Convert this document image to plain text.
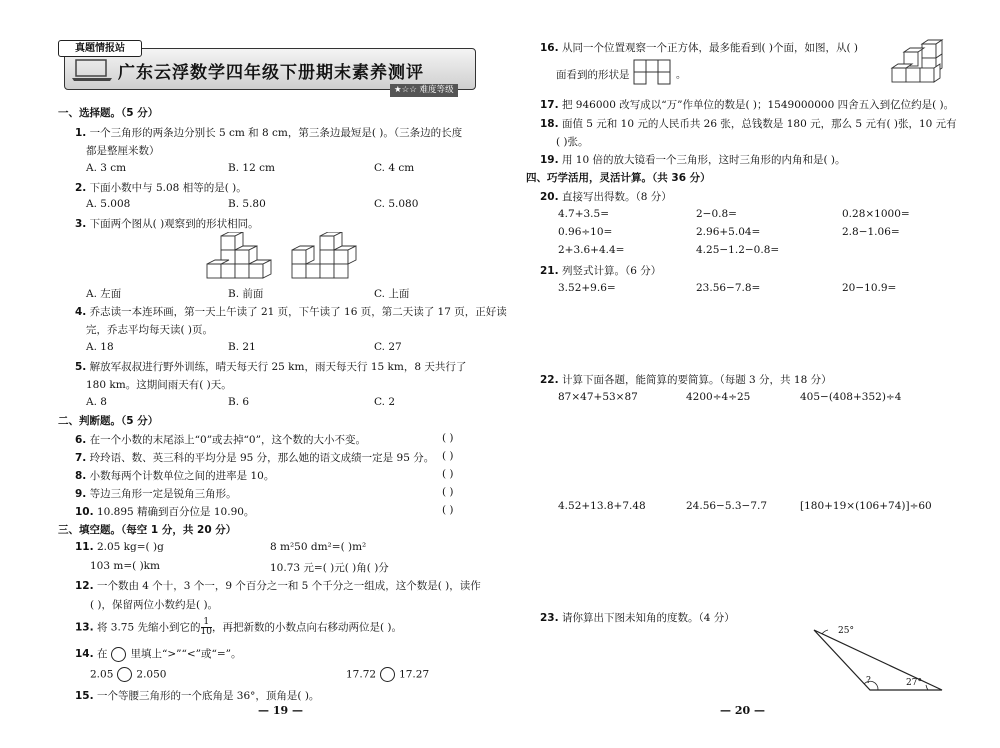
真题情报站
广东云浮数学四年级下册期末素养测评
★☆☆ 难度等级
一、选择题。（5 分）
1. 一个三角形的两条边分别长 5 cm 和 8 cm，第三条边最短是( )。（三条边的长度
都是整厘米数）
A. 3 cm	B. 12 cm	C. 4 cm
2. 下面小数中与 5.08 相等的是( )。
A. 5.008	B. 5.80	C. 5.080
3. 下面两个图从( )观察到的形状相同。
A. 左面	B. 前面	C. 上面
4. 乔志读一本连环画，第一天上午读了 21 页，下午读了 16 页，第二天读了 17 页，正好读
完，乔志平均每天读( )页。
A. 18	B. 21	C. 27
5. 解放军叔叔进行野外训练，晴天每天行 25 km，雨天每天行 15 km，8 天共行了
180 km。这期间雨天有( )天。
A. 8	B. 6	C. 2
二、判断题。（5 分）
6. 在一个小数的末尾添上“0”或去掉“0”，这个数的大小不变。	( )
7. 玲玲语、数、英三科的平均分是 95 分，那么她的语文成绩一定是 95 分。 ( )
8. 小数每两个计数单位之间的进率是 10。	( )
9. 等边三角形一定是锐角三角形。	( )
10. 10.895 精确到百分位是 10.90。	( )
三、填空题。（每空 1 分，共 20 分）
11. 2.05 kg=( )g	8 m²50 dm²=( )m²
103 m=( )km	10.73 元=( )元( )角( )分
12. 一个数由 4 个十，3 个一，9 个百分之一和 5 个千分之一组成，这个数是( )，读作
( )，保留两位小数约是( )。
13. 将 3.75 先缩小到它的 $\frac{1}{10}$ ，再把新数的小数点向右移动两位是( )。
14. 在 里填上“>”“<”或“=”。
2.05 2.050	17.72 17.27
15. 一个等腰三角形的一个底角是 36°，顶角是( )。
— 19 —
16. 从同一个位置观察一个正方体，最多能看到( )个面，如图，从( )
面看到的形状是	。
17. 把 946000 改写成以“万”作单位的数是( )；1549000000 四舍五入到亿位约是( )。
18. 面值 5 元和 10 元的人民币共 26 张，总钱数是 180 元，那么 5 元有( )张，10 元有
( )张。
19. 用 10 倍的放大镜看一个三角形，这时三角形的内角和是( )。
四、巧学活用，灵活计算。（共 36 分）
20. 直接写出得数。（8 分）
4.7+3.5=	2−0.8=	0.28×1000=
0.96÷10=	2.96+5.04=	2.8−1.06=
2+3.6+4.4=	4.25−1.2−0.8=
21. 列竖式计算。（6 分）
3.52+9.6=	23.56−7.8=	20−10.9=
22. 计算下面各题，能简算的要简算。（每题 3 分，共 18 分）
87×47+53×87	4200÷4÷25	405−(408+352)÷4
4.52+13.8+7.48	24.56−5.3−7.7	[180+19×(106+74)]÷60
23. 请你算出下图未知角的度数。（4 分）
25°
?	27°
— 20 —
